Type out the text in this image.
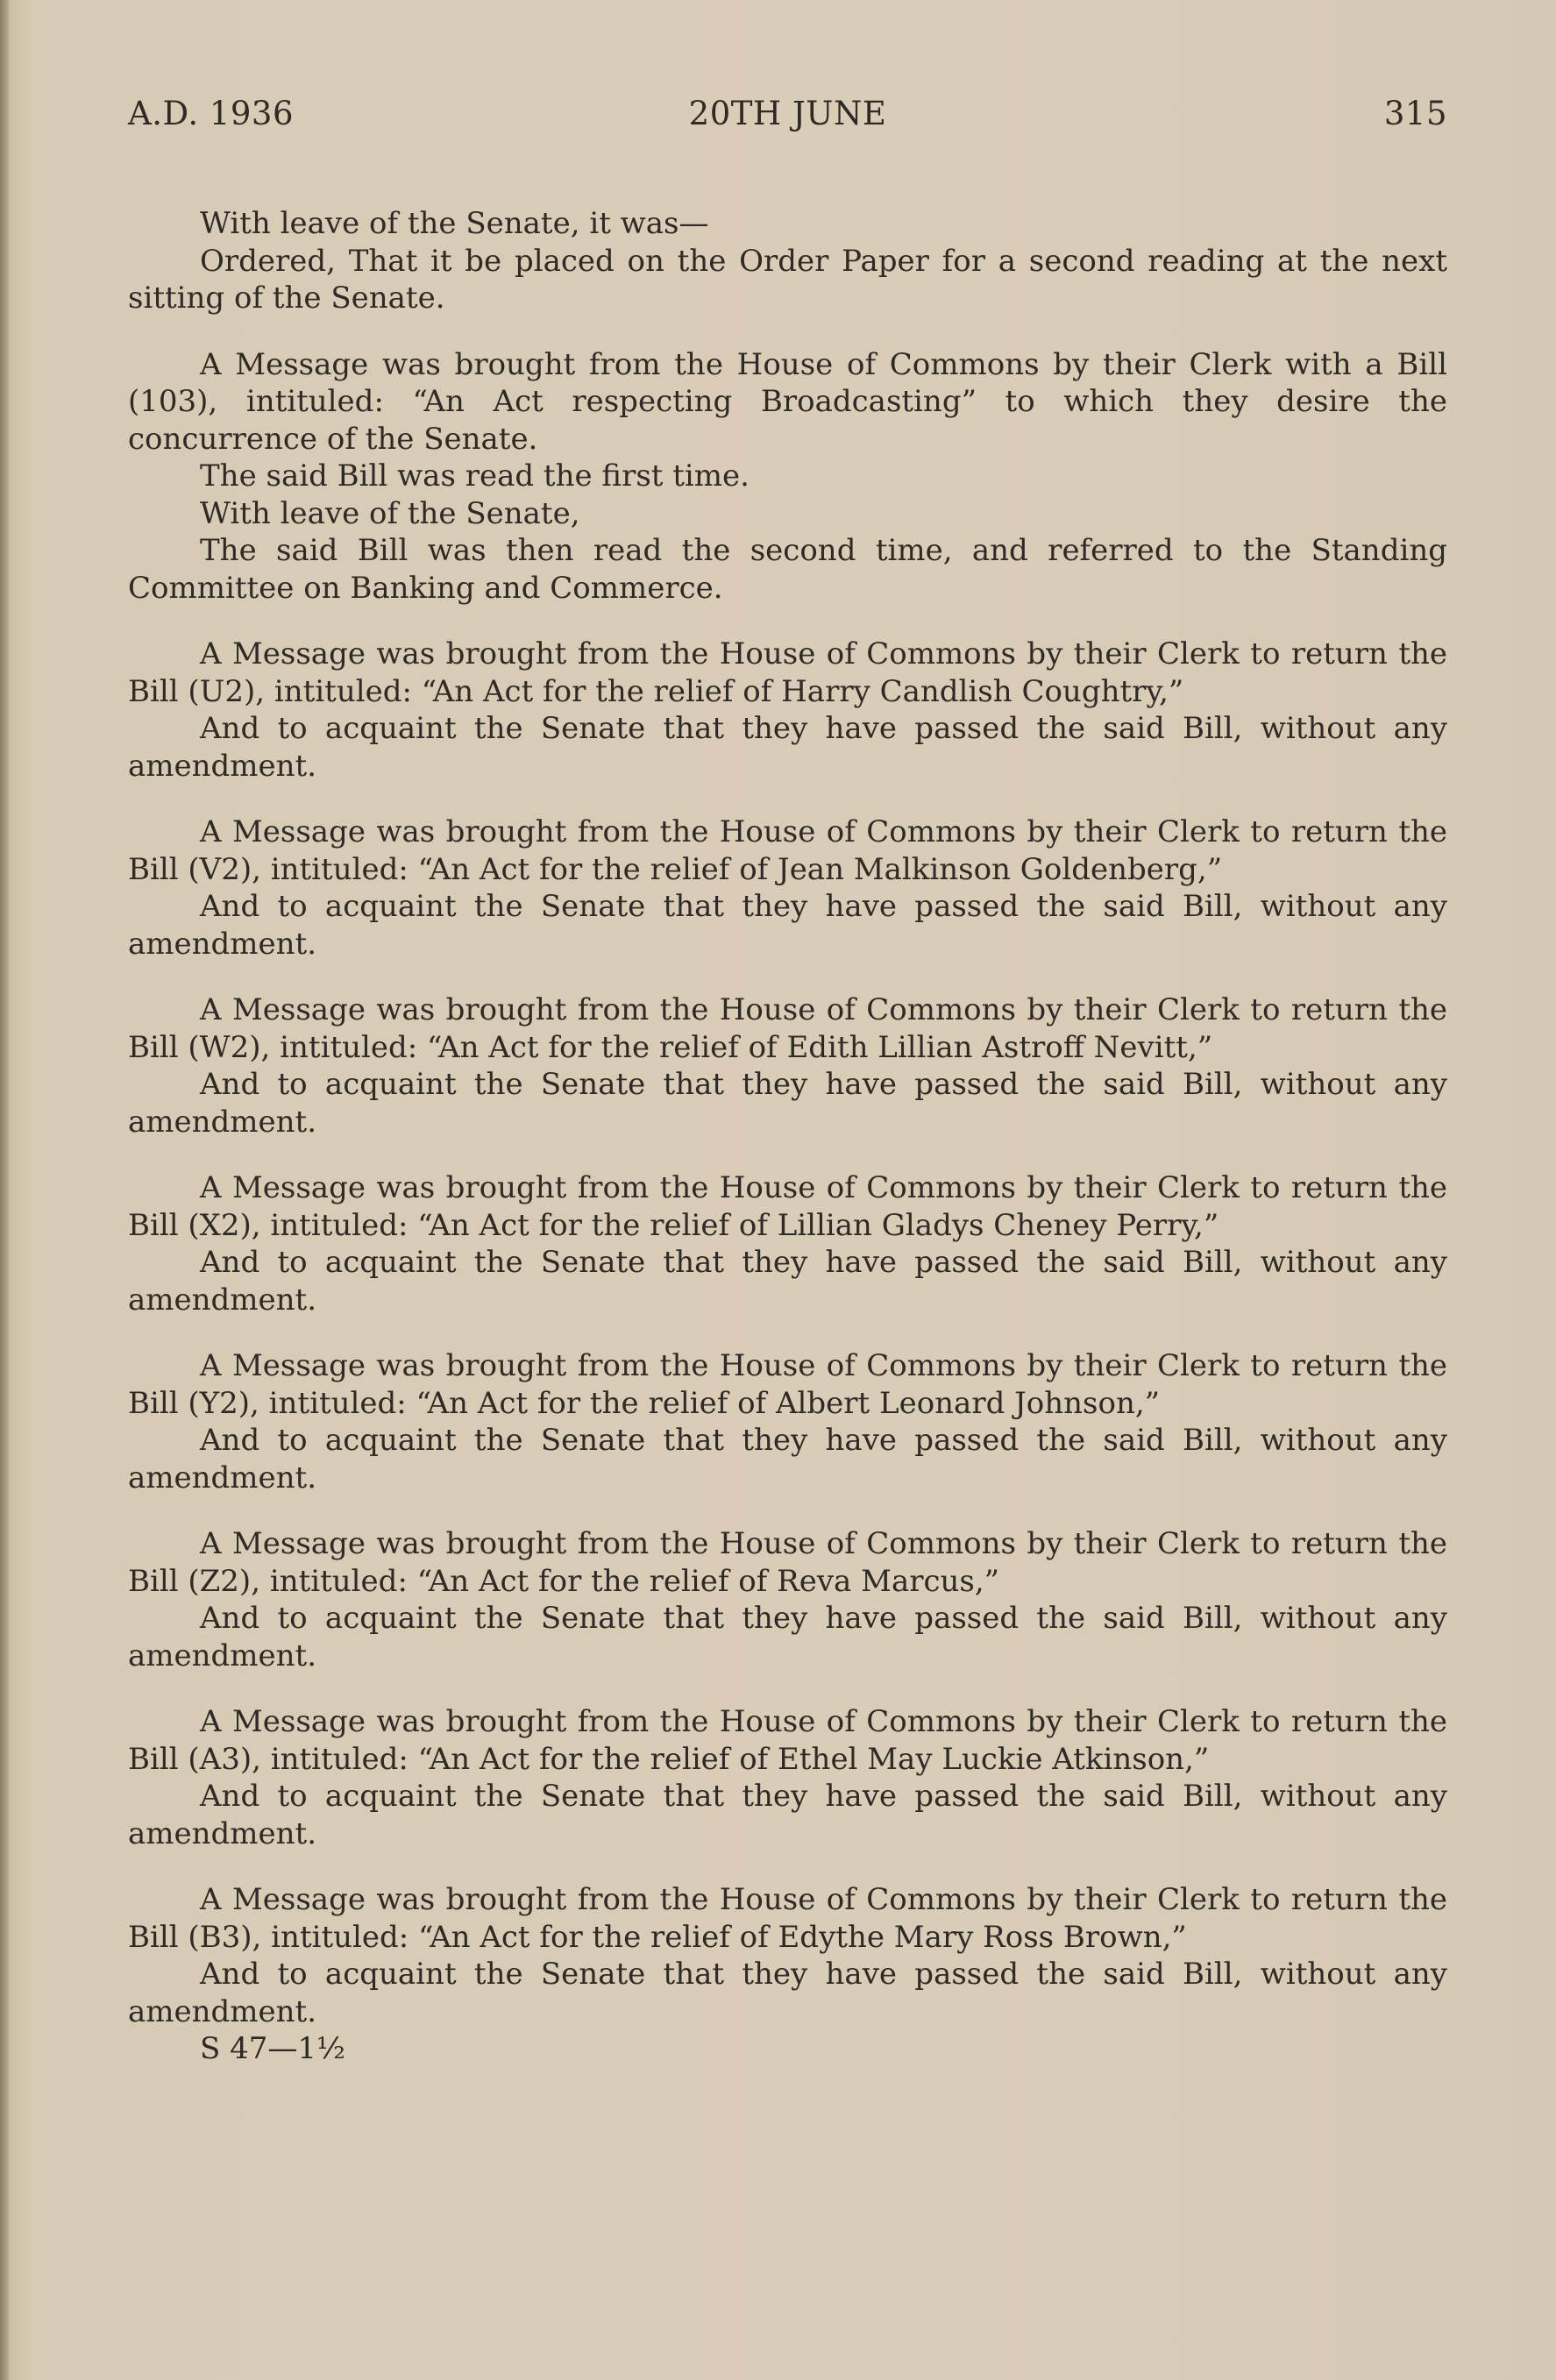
20TH JUNE
A.D. 1936	315

With leave of the Senate, it was—

Ordered, That it be placed on the Order Paper for a second reading at the next sitting of the Senate.

A Message was brought from the House of Commons by their Clerk with a Bill (103), intituled: “An Act respecting Broadcasting” to which they desire the concurrence of the Senate.

The said Bill was read the first time.

With leave of the Senate,

The said Bill was then read the second time, and referred to the Standing Committee on Banking and Commerce.

A Message was brought from the House of Commons by their Clerk to return the Bill (U2), intituled: “An Act for the relief of Harry Candlish Coughtry,”

And to acquaint the Senate that they have passed the said Bill, without any amendment.

A Message was brought from the House of Commons by their Clerk to return the Bill (V2), intituled: “An Act for the relief of Jean Malkinson Goldenberg,”

And to acquaint the Senate that they have passed the said Bill, without any amendment.

A Message was brought from the House of Commons by their Clerk to return the Bill (W2), intituled: “An Act for the relief of Edith Lillian Astroff Nevitt,”

And to acquaint the Senate that they have passed the said Bill, without any amendment.

A Message was brought from the House of Commons by their Clerk to return the Bill (X2), intituled: “An Act for the relief of Lillian Gladys Cheney Perry,”

And to acquaint the Senate that they have passed the said Bill, without any amendment.

A Message was brought from the House of Commons by their Clerk to return the Bill (Y2), intituled: “An Act for the relief of Albert Leonard Johnson,”

And to acquaint the Senate that they have passed the said Bill, without any amendment.

A Message was brought from the House of Commons by their Clerk to return the Bill (Z2), intituled: “An Act for the relief of Reva Marcus,”

And to acquaint the Senate that they have passed the said Bill, without any amendment.

A Message was brought from the House of Commons by their Clerk to return the Bill (A3), intituled: “An Act for the relief of Ethel May Luckie Atkinson,”

And to acquaint the Senate that they have passed the said Bill, without any amendment.

A Message was brought from the House of Commons by their Clerk to return the Bill (B3), intituled: “An Act for the relief of Edythe Mary Ross Brown,”

And to acquaint the Senate that they have passed the said Bill, without any amendment.

S 47—1½
